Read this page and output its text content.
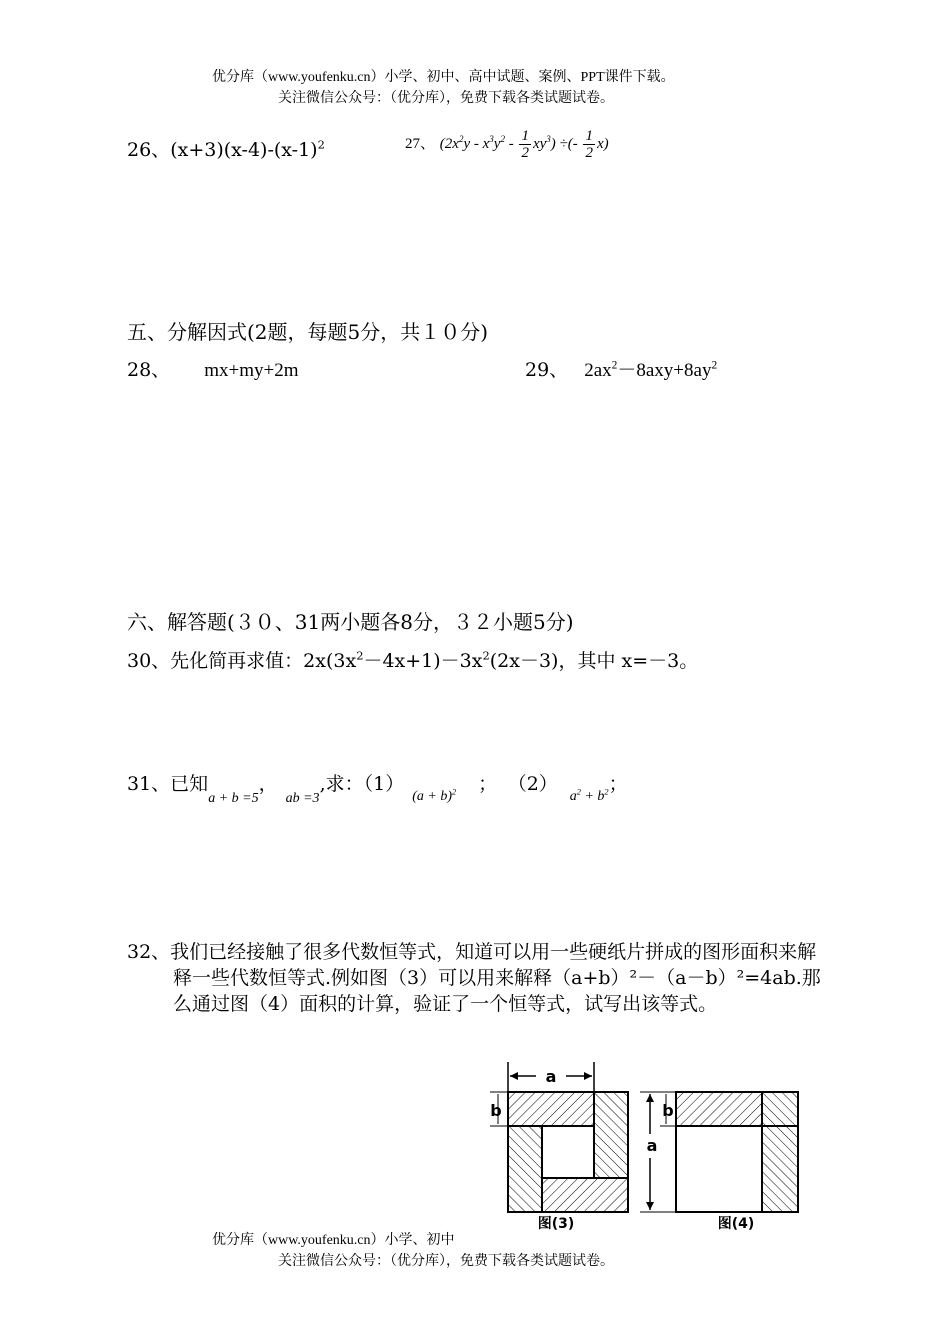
优分库（www.youfenku.cn）小学、初中、高中试题、案例、PPT课件下载。
关注微信公众号：（优分库），免费下载各类试题试卷。
26、$(x+3)(x-4)-(x-1)^2$	27、 $(2x^2y - x^3y^2 - \frac{1}{2} xy^3)$ ÷(- $\frac{1}{2} x$)
五、分解因式(2题，每题5分，共１０分)
28、 mx+my+2m	29、 $2ax^2-8axy+8ay^2$
六、解答题(３０、31两小题各8分，３２小题5分)
30、先化简再求值：$2x(3x^2-4x+1)-3x^2(2x-3)$，其中 x=－3。
31、已知$_{a + b =5}$，$_{ab =3}$,求：$(1)_{(a + b)^2}$ ； $(2)_{a^2 + b^2}$；
32、我们已经接触了很多代数恒等式，知道可以用一些硬纸片拼成的图形面积来解释一些代数恒等式.例如图（3）可以用来解释（a+b）²－（a－b）²=4ab.那么通过图（4）面积的计算，验证了一个恒等式，试写出该等式。
a
b
图(3)
a
b
图(4)
优分库（www.youfenku.cn）小学、初中
关注微信公众号：（优分库），免费下载各类试题试卷。
